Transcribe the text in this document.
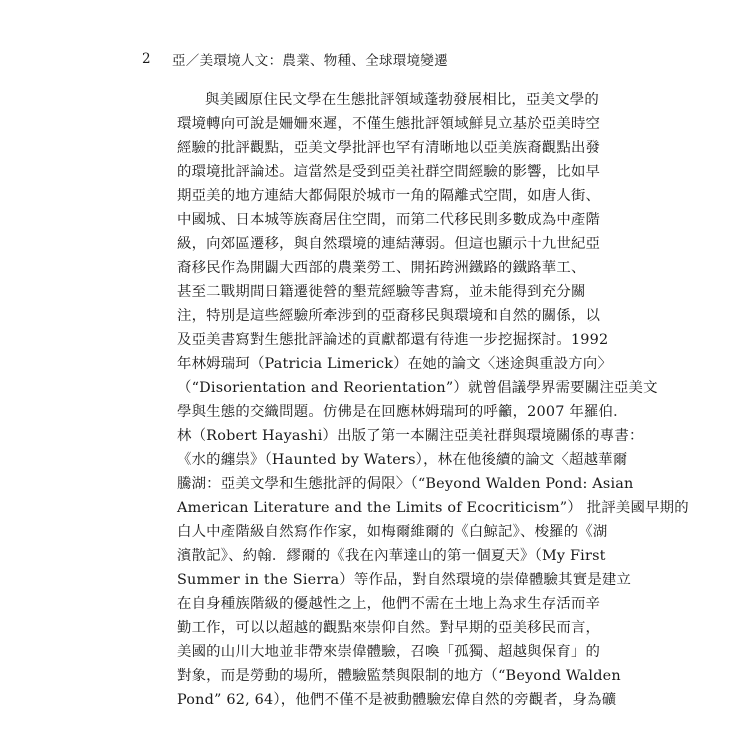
2	亞／美環境人文：農業、物種、全球環境變遷
與美國原住民文學在生態批評領域蓬勃發展相比，亞美文學的
環境轉向可說是姍姍來遲，不僅生態批評領域鮮見立基於亞美時空
經驗的批評觀點，亞美文學批評也罕有清晰地以亞美族裔觀點出發
的環境批評論述。這當然是受到亞美社群空間經驗的影響，比如早
期亞美的地方連結大都侷限於城市一角的隔離式空間，如唐人街、
中國城、日本城等族裔居住空間，而第二代移民則多數成為中產階
級，向郊區遷移，與自然環境的連結薄弱。但這也顯示十九世紀亞
裔移民作為開闢大西部的農業勞工、開拓跨洲鐵路的鐵路華工、
甚至二戰期間日籍遷徙營的墾荒經驗等書寫，並未能得到充分關
注，特別是這些經驗所牽涉到的亞裔移民與環境和自然的關係，以
及亞美書寫對生態批評論述的貢獻都還有待進一步挖掘探討。1992
年林姆瑞珂（Patricia Limerick）在她的論文〈迷途與重設方向〉
（“Disorientation and Reorientation”）就曾倡議學界需要關注亞美文
學與生態的交織問題。仿佛是在回應林姆瑞珂的呼籲，2007 年羅伯．
林（Robert Hayashi）出版了第一本關注亞美社群與環境關係的專書：
《水的纏祟》（Haunted by Waters），林在他後續的論文〈超越華爾
騰湖：亞美文學和生態批評的侷限〉（“Beyond Walden Pond: Asian
American Literature and the Limits of Ecocriticism”） 批評美國早期的
白人中產階級自然寫作作家，如梅爾維爾的《白鯨記》、梭羅的《湖
濱散記》、約翰．繆爾的《我在內華達山的第一個夏天》（My First
Summer in the Sierra）等作品，對自然環境的崇偉體驗其實是建立
在自身種族階級的優越性之上，他們不需在土地上為求生存活而辛
勤工作，可以以超越的觀點來崇仰自然。對早期的亞美移民而言，
美國的山川大地並非帶來崇偉體驗，召喚「孤獨、超越與保育」的
對象，而是勞動的場所，體驗監禁與限制的地方（“Beyond Walden
Pond” 62, 64），他們不僅不是被動體驗宏偉自然的旁觀者，身為礦
